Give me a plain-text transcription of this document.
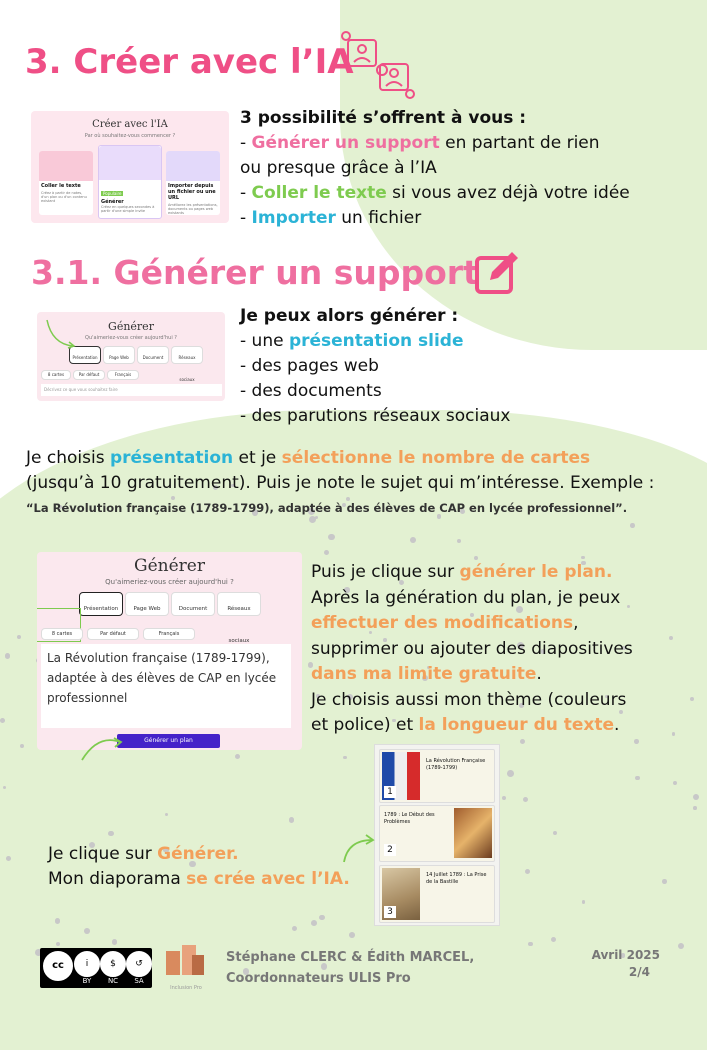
3. Créer avec l’IA
Créer avec l'IA
Par où souhaitez-vous commencer ?
Coller le texte
Créez à partir de notes, d'un plan ou d'un contenu existant
Populaire
Générer
Créez en quelques secondes à partir d'une simple invite
Importer depuis un fichier ou une URL
Améliorez les présentations, documents ou pages web existants
3 possibilité s’offrent à vous :
- Générer un support en partant de rien
ou presque grâce à l’IA
- Coller le texte si vous avez déjà votre idée
- Importer un fichier
3.1. Générer un support
Générer
Qu'aimeriez-vous créer aujourd'hui ?
Présentation	Page Web	Document	Réseaux sociaux
8 cartes	Par défaut	Français
Décrivez ce que vous souhaitez faire
Je peux alors générer :
- une présentation slide
- des pages web
- des documents
- des parutions réseaux sociaux
Je choisis présentation et je sélectionne le nombre de cartes
(jusqu’à 10 gratuitement). Puis je note le sujet qui m’intéresse. Exemple :
“La Révolution française (1789-1799), adaptée à des élèves de CAP en lycée professionnel”.
Générer
Qu'aimeriez-vous créer aujourd'hui ?
Présentation	Page Web	Document	Réseaux sociaux
8 cartes	Par défaut	Français
La Révolution française (1789-1799), adaptée à des élèves de CAP en lycée professionnel
Générer un plan
Puis je clique sur générer le plan.
Après la génération du plan, je peux
effectuer des modifications,
supprimer ou ajouter des diapositives
dans ma limite gratuite.
Je choisis aussi mon thème (couleurs
et police) et la longueur du texte.
1
La Révolution Française (1789-1799)
1789 : Le Début des Problèmes
2
3
14 Juillet 1789 : La Prise de la Bastille
Je clique sur Générer.
Mon diaporama se crée avec l’IA.
cc	i	$	↺
BY	NC	SA
Inclusion Pro
Stéphane CLERC & Édith MARCEL,
Coordonnateurs ULIS Pro
Avril 2025
2/4
